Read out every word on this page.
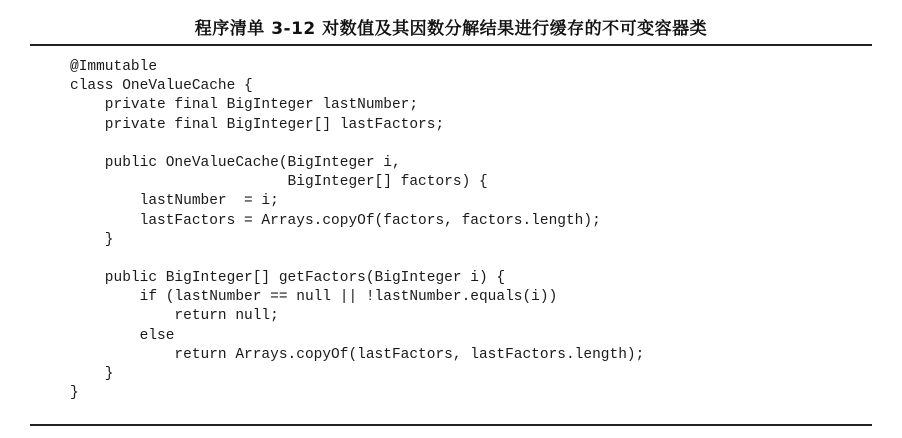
程序清单 3-12 对数值及其因数分解结果进行缓存的不可变容器类
@Immutable
class OneValueCache {
private final BigInteger lastNumber;
private final BigInteger[] lastFactors;
public OneValueCache(BigInteger i,
BigInteger[] factors) {
lastNumber  = i;
lastFactors = Arrays.copyOf(factors, factors.length);
}
public BigInteger[] getFactors(BigInteger i) {
if (lastNumber == null || !lastNumber.equals(i))
return null;
else
return Arrays.copyOf(lastFactors, lastFactors.length);
}
}
